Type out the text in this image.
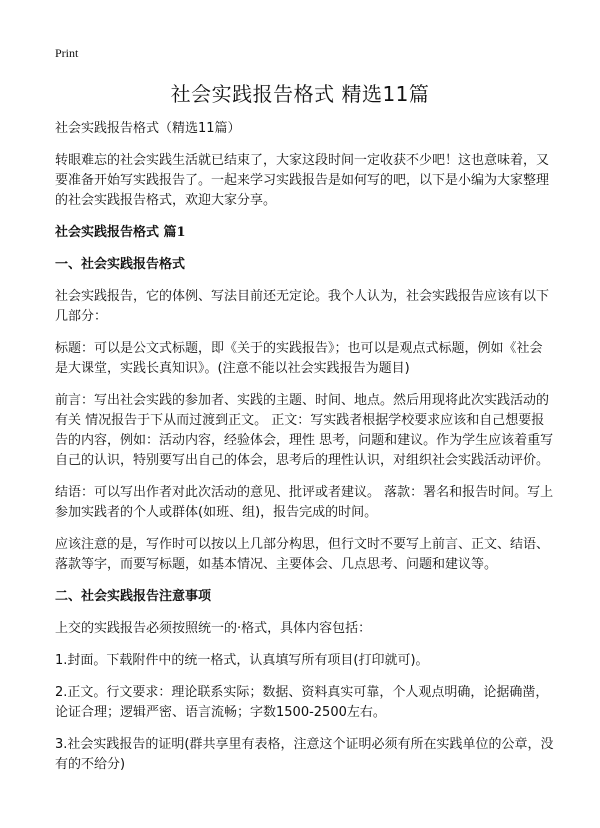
Print
社会实践报告格式 精选11篇

社会实践报告格式（精选11篇）

转眼难忘的社会实践生活就已结束了，大家这段时间一定收获不少吧！这也意味着，又要准备开始写实践报告了。一起来学习实践报告是如何写的吧，以下是小编为大家整理的社会实践报告格式，欢迎大家分享。

社会实践报告格式 篇1
一、社会实践报告格式

社会实践报告，它的体例、写法目前还无定论。我个人认为，社会实践报告应该有以下几部分：

标题：可以是公文式标题，即《关于的实践报告》；也可以是观点式标题，例如《社会是大课堂，实践长真知识》。(注意不能以社会实践报告为题目)

前言：写出社会实践的参加者、实践的主题、时间、地点。然后用现将此次实践活动的有关 情况报告于下从而过渡到正文。 正文：写实践者根据学校要求应该和自己想要报告的内容，例如：活动内容，经验体会，理性 思考，问题和建议。作为学生应该着重写自己的认识，特别要写出自己的体会，思考后的理性认识，对组织社会实践活动评价。

结语：可以写出作者对此次活动的意见、批评或者建议。 落款：署名和报告时间。写上参加实践者的个人或群体(如班、组)，报告完成的时间。

应该注意的是，写作时可以按以上几部分构思，但行文时不要写上前言、正文、结语、落款等字，而要写标题，如基本情况、主要体会、几点思考、问题和建议等。

二、社会实践报告注意事项

上交的实践报告必须按照统一的·格式，具体内容包括：

1.封面。下载附件中的统一格式，认真填写所有项目(打印就可)。

2.正文。行文要求：理论联系实际；数据、资料真实可靠，个人观点明确，论据确凿，论证合理；逻辑严密、语言流畅；字数1500-2500左右。

3.社会实践报告的证明(群共享里有表格，注意这个证明必须有所在实践单位的公章，没有的不给分)
